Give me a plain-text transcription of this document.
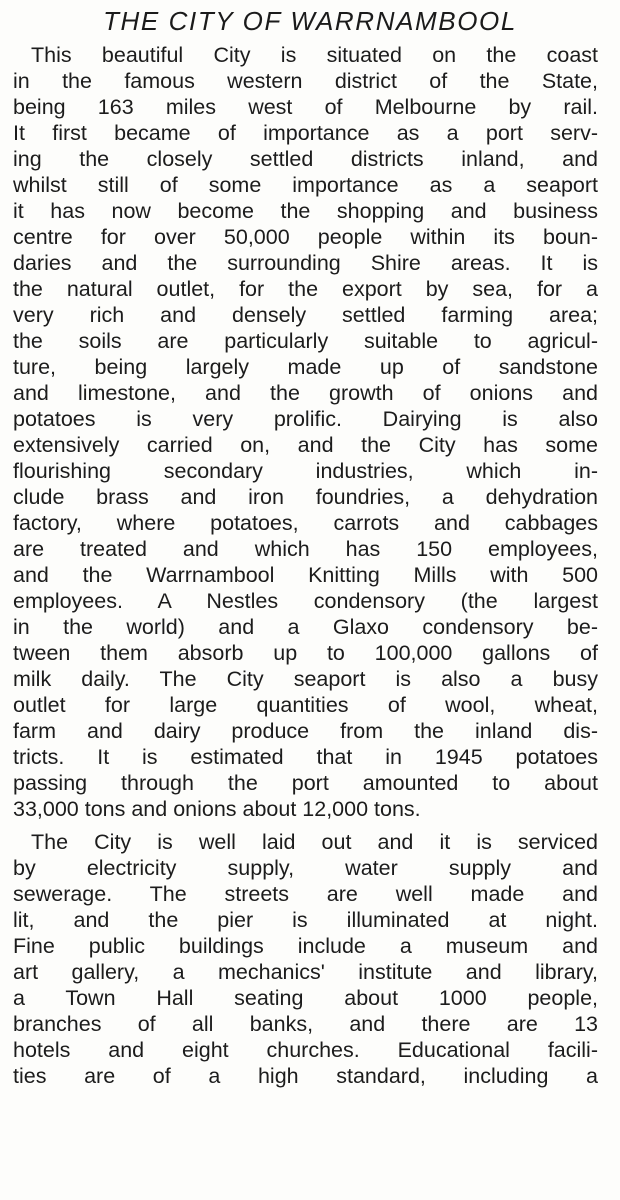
THE CITY OF WARRNAMBOOL
This beautiful City is situated on the coast
in the famous western district of the State,
being 163 miles west of Melbourne by rail.
It first became of importance as a port serv-
ing the closely settled districts inland, and
whilst still of some importance as a seaport
it has now become the shopping and business
centre for over 50,000 people within its boun-
daries and the surrounding Shire areas. It is
the natural outlet, for the export by sea, for a
very rich and densely settled farming area;
the soils are particularly suitable to agricul-
ture, being largely made up of sandstone
and limestone, and the growth of onions and
potatoes is very prolific. Dairying is also
extensively carried on, and the City has some
flourishing secondary industries, which in-
clude brass and iron foundries, a dehydration
factory, where potatoes, carrots and cabbages
are treated and which has 150 employees,
and the Warrnambool Knitting Mills with 500
employees. A Nestles condensory (the largest
in the world) and a Glaxo condensory be-
tween them absorb up to 100,000 gallons of
milk daily. The City seaport is also a busy
outlet for large quantities of wool, wheat,
farm and dairy produce from the inland dis-
tricts. It is estimated that in 1945 potatoes
passing through the port amounted to about
33,000 tons and onions about 12,000 tons.
The City is well laid out and it is serviced
by electricity supply, water supply and
sewerage. The streets are well made and
lit, and the pier is illuminated at night.
Fine public buildings include a museum and
art gallery, a mechanics' institute and library,
a Town Hall seating about 1000 people,
branches of all banks, and there are 13
hotels and eight churches. Educational facili-
ties are of a high standard, including a
